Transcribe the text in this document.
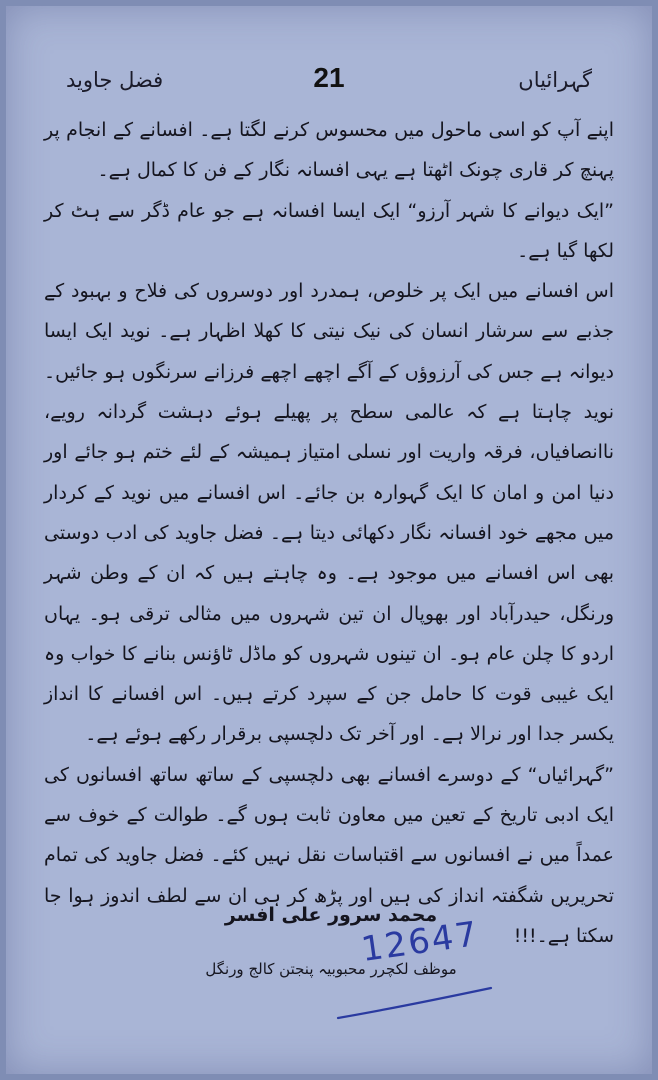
فضل جاوید	21	گہرائیاں

اپنے آپ کو اسی ماحول میں محسوس کرنے لگتا ہے۔ افسانے کے انجام پر پہنچ کر قاری چونک اٹھتا ہے یہی افسانہ نگار کے فن کا کمال ہے۔

”ایک دیوانے کا شہر آرزو“ ایک ایسا افسانہ ہے جو عام ڈگر سے ہٹ کر لکھا گیا ہے۔

اس افسانے میں ایک پر خلوص، ہمدرد اور دوسروں کی فلاح و بہبود کے جذبے سے سرشار انسان کی نیک نیتی کا کھلا اظہار ہے۔ نوید ایک ایسا دیوانہ ہے جس کی آرزوؤں کے آگے اچھے اچھے فرزانے سرنگوں ہو جائیں۔ نوید چاہتا ہے کہ عالمی سطح پر پھیلے ہوئے دہشت گردانہ رویے، ناانصافیاں، فرقہ واریت اور نسلی امتیاز ہمیشہ کے لئے ختم ہو جائے اور دنیا امن و امان کا ایک گہوارہ بن جائے۔ اس افسانے میں نوید کے کردار میں مجھے خود افسانہ نگار دکھائی دیتا ہے۔ فضل جاوید کی ادب دوستی بھی اس افسانے میں موجود ہے۔ وہ چاہتے ہیں کہ ان کے وطن شہر ورنگل، حیدرآباد اور بھوپال ان تین شہروں میں مثالی ترقی ہو۔ یہاں اردو کا چلن عام ہو۔ ان تینوں شہروں کو ماڈل ٹاؤنس بنانے کا خواب وہ ایک غیبی قوت کا حامل جن کے سپرد کرتے ہیں۔ اس افسانے کا انداز یکسر جدا اور نرالا ہے۔ اور آخر تک دلچسپی برقرار رکھے ہوئے ہے۔

”گہرائیاں“ کے دوسرے افسانے بھی دلچسپی کے ساتھ ساتھ افسانوں کی ایک ادبی تاریخ کے تعین میں معاون ثابت ہوں گے۔ طوالت کے خوف سے عمداً میں نے افسانوں سے اقتباسات نقل نہیں کئے۔ فضل جاوید کی تمام تحریریں شگفتہ انداز کی ہیں اور پڑھ کر ہی ان سے لطف اندوز ہوا جا سکتا ہے۔!!!

محمد سرور علی افسر
موظف لکچرر محبوبیہ پنجتن کالج ورنگل
12647
